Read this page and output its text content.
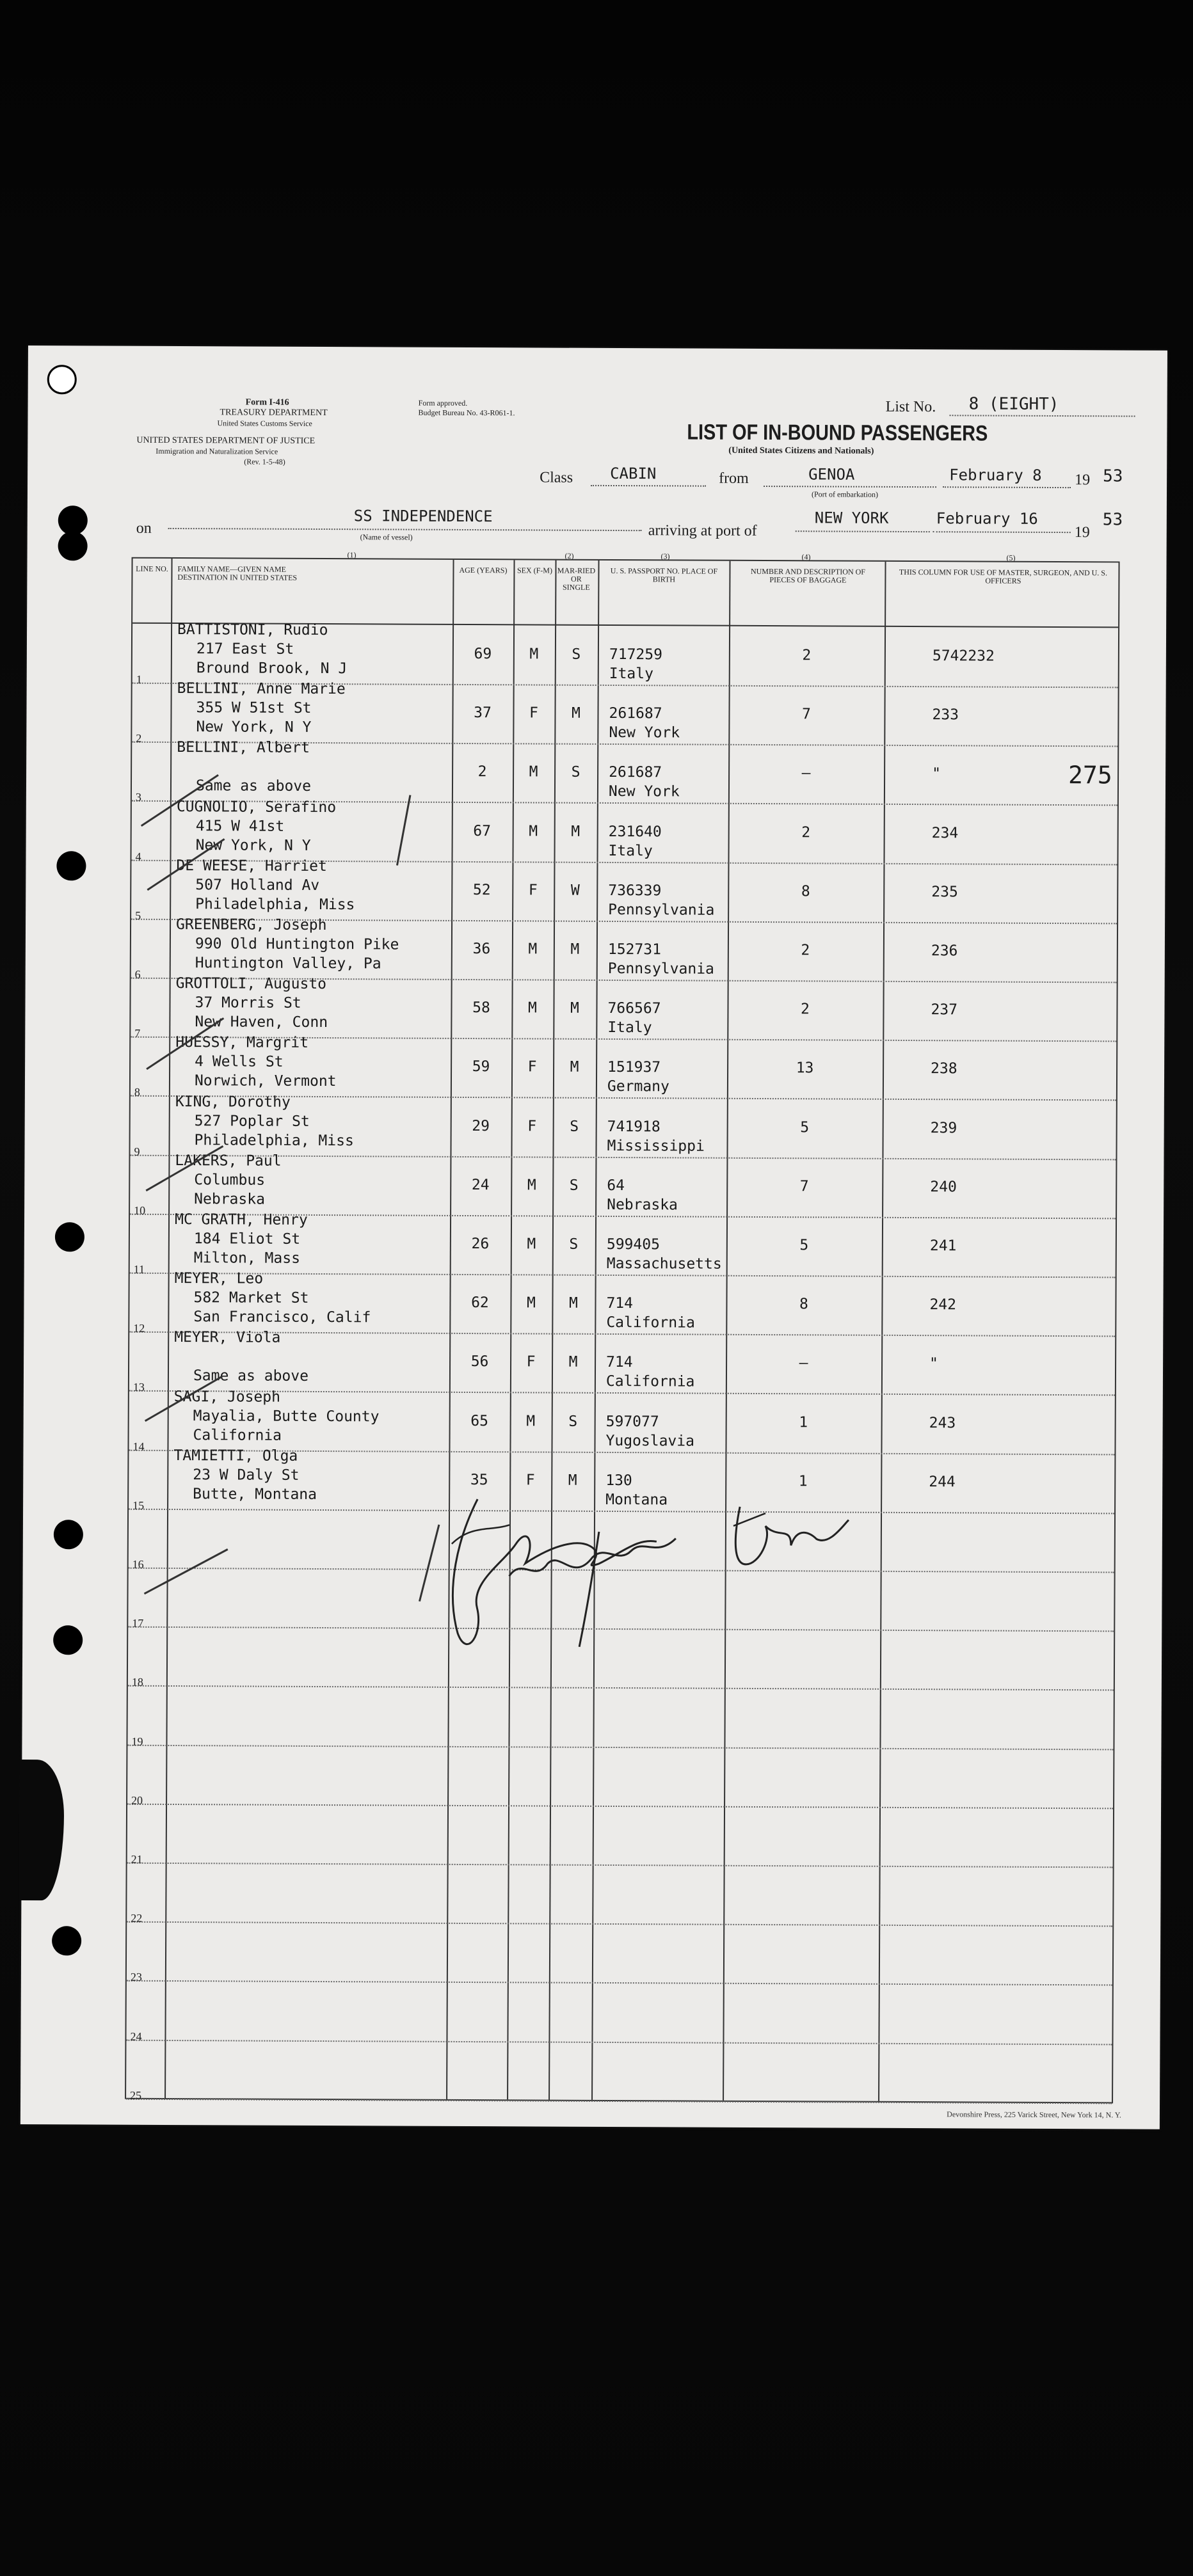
Form I-416
TREASURY DEPARTMENT
United States Customs Service
UNITED STATES DEPARTMENT OF JUSTICE
Immigration and Naturalization Service
(Rev. 1-5-48)
Form approved.
Budget Bureau No. 43-R061-1.	List No. 8 (EIGHT)
LIST OF IN-BOUND PASSENGERS
(United States Citizens and Nationals)
Class CABIN	from	GENOA
(Port of embarkation)
February 8 19 53
on
SS INDEPENDENCE
(Name of vessel)	arriving at port of
NEW YORK	February 16
19
53
(1)	(2)	(3)	(4)	(5)
LINE NO.	FAMILY NAME—GIVEN NAME DESTINATION IN UNITED STATES
AGE (YEARS)	SEX (F-M) MAR-RIED OR SINGLE
U. S. PASSPORT NO. PLACE OF BIRTH
NUMBER AND DESCRIPTION OF PIECES OF BAGGAGE
THIS COLUMN FOR USE OF MASTER, SURGEON, AND U. S. OFFICERS
1
BATTISTONI, Rudio
217 East St
Bround Brook, N J
69	M	S	717259
Italy
2	5742232
2
BELLINI, Anne Marie
355 W 51st St
New York, N Y
37	F	M	261687
New York
7	233
3
BELLINI, Albert
Same as above
2	M	S	261687
New York
–	"
4
CUGNOLIO, Serafino
415 W 41st
New York, N Y
67	M	M	231640
Italy
2	234
5
DE WEESE, Harriet
507 Holland Av
Philadelphia, Miss
52	F	W	736339
Pennsylvania
8	235
6
GREENBERG, Joseph
990 Old Huntington Pike
Huntington Valley, Pa
36	M	M	152731
Pennsylvania
2	236
7
GROTTOLI, Augusto
37 Morris St
New Haven, Conn
58	M	M	766567
Italy
2	237
8
HUESSY, Margrit
4 Wells St
Norwich, Vermont
59	F	M	151937
Germany
13	238
9
KING, Dorothy
527 Poplar St
Philadelphia, Miss
29	F	S	741918
Mississippi
5	239
10
LAKERS, Paul
Columbus
Nebraska
24	M	S	64
Nebraska
7	240
11
MC GRATH, Henry
184 Eliot St
Milton, Mass
26	M	S	599405
Massachusetts
5	241
12
MEYER, Leo
582 Market St
San Francisco, Calif
62	M	M	714
California
8	242
13
MEYER, Viola
Same as above
56	F	M	714
California
–	"
14
SAGI, Joseph
Mayalia, Butte County
California
65	M	S	597077
Yugoslavia
1	243
15
TAMIETTI, Olga
23 W Daly St
Butte, Montana
35	F	M	130
Montana
1	244
16
17
18
19
20
21
22
23
24
25
275
Devonshire Press, 225 Varick Street, New York 14, N. Y.
